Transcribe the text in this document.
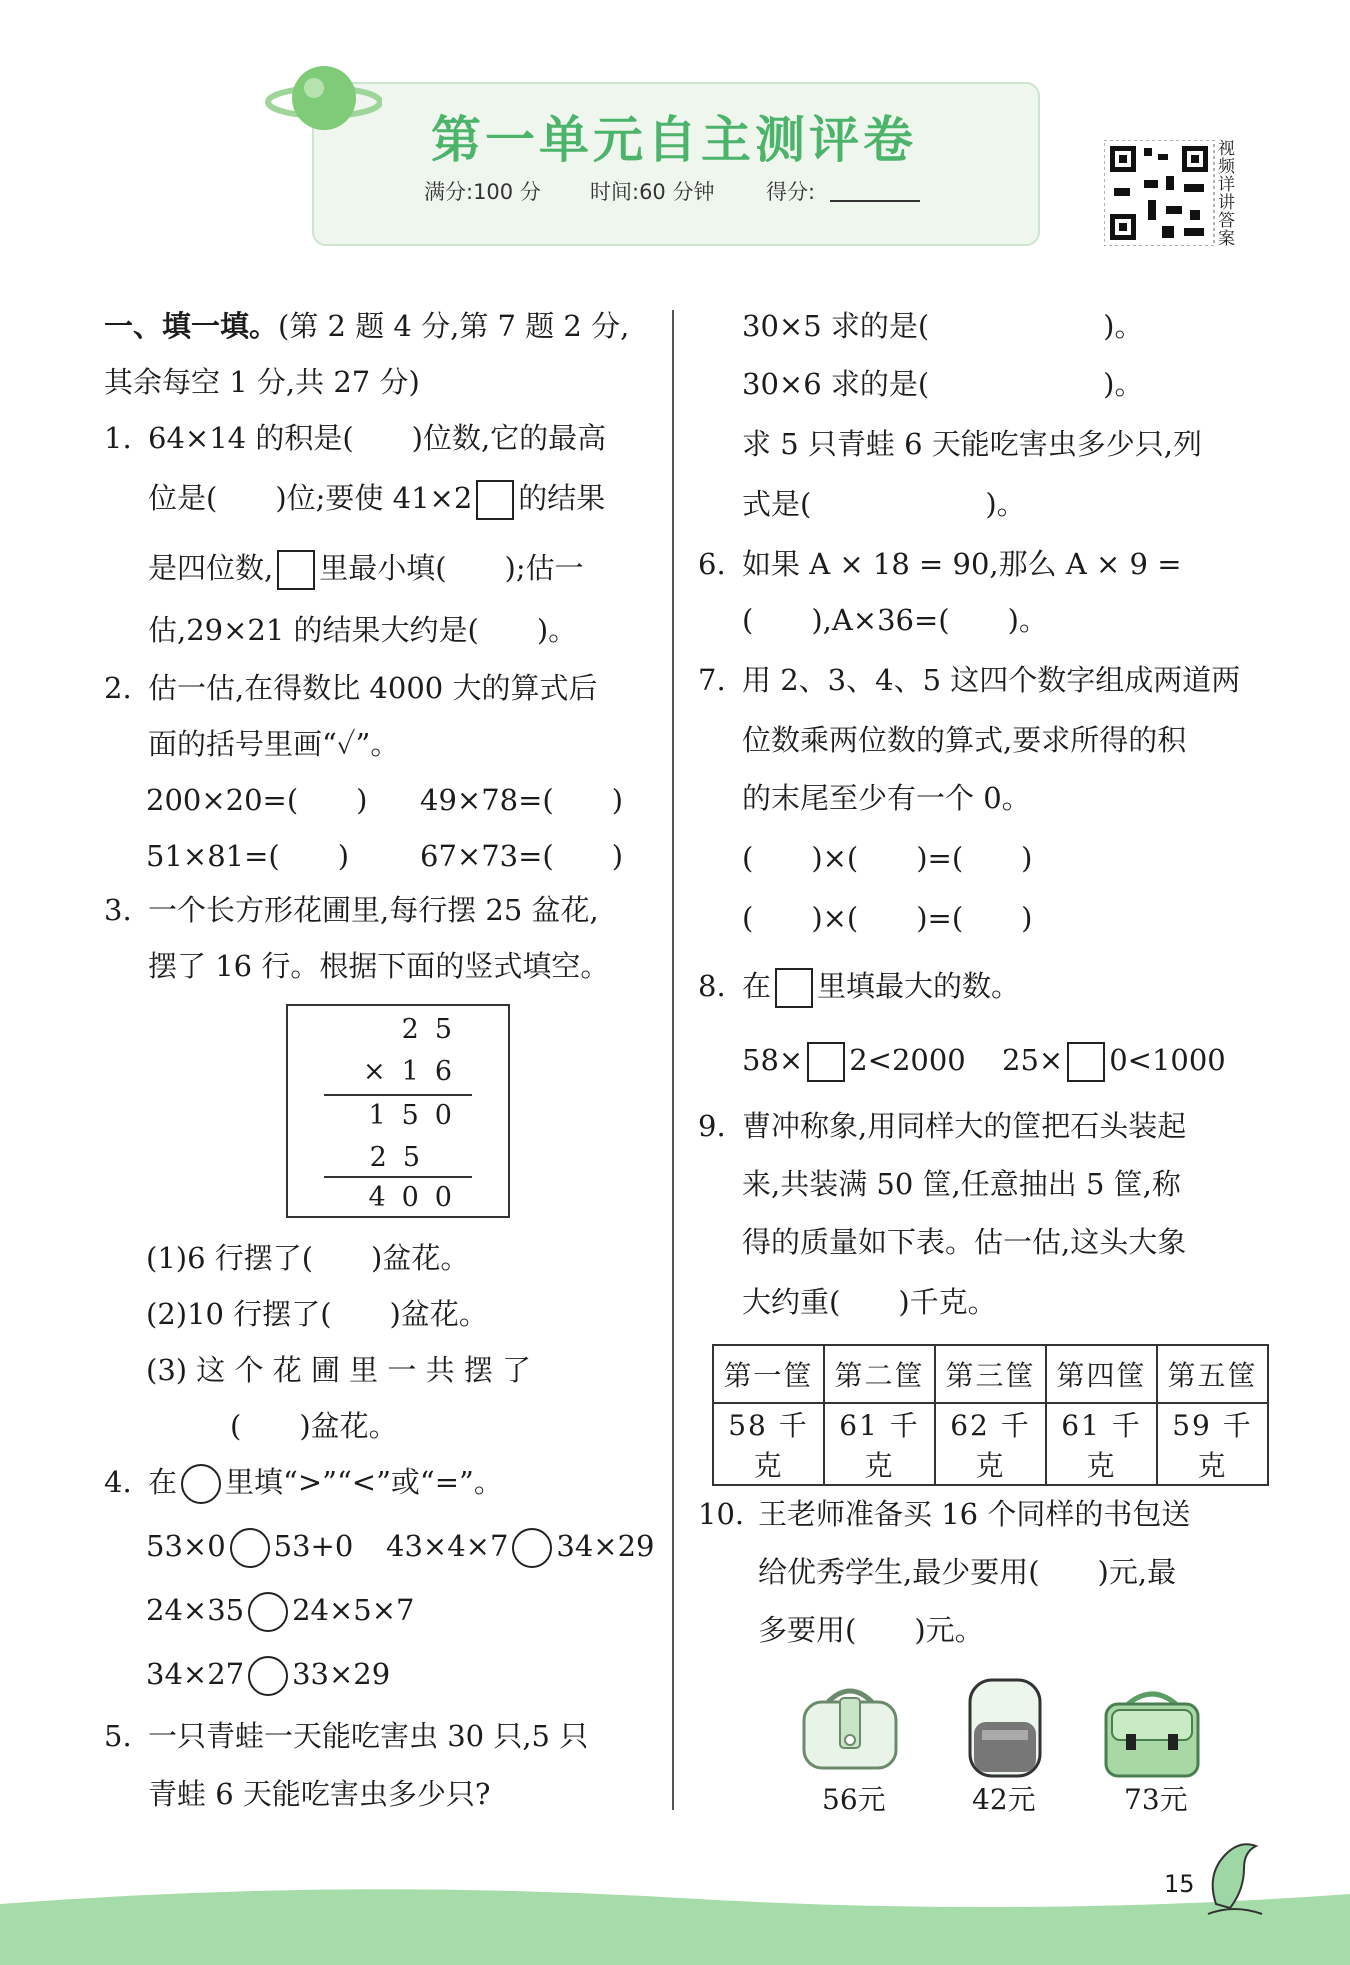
第一单元自主测评卷
满分:100 分 时间:60 分钟 得分:
视频详讲答案
一、填一填。(第 2 题 4 分,第 7 题 2 分,
其余每空 1 分,共 27 分)
1. 64×14 的积是(　　)位数,它的最高
位是(　　)位;要使 41×2 的结果
是四位数, 里最小填(　　);估一
估,29×21 的结果大约是(　　)。
2. 估一估,在得数比 4000 大的算式后
面的括号里画“✓”。
200×20=(　　) 49×78=(　　)
51×81=(　　) 67×73=(　　)
3. 一个长方形花圃里,每行摆 25 盆花,
摆了 16 行。根据下面的竖式填空。
25
×16
150
25
400
(1)6 行摆了(　　)盆花。
(2)10 行摆了(　　)盆花。
(3) 这 个 花 圃 里 一 共 摆 了
(　　)盆花。
4. 在 里填“>”“<”或“=”。
53×0 53+0 43×4×7 34×29
24×35 24×5×7
34×27 33×29
5. 一只青蛙一天能吃害虫 30 只,5 只
青蛙 6 天能吃害虫多少只?
30×5 求的是(　　　　　　)。
30×6 求的是(　　　　　　)。
求 5 只青蛙 6 天能吃害虫多少只,列
式是(　　　　　　)。
6. 如果 A × 18 = 90,那么 A × 9 =
(　　),A×36=(　　)。
7. 用 2、3、4、5 这四个数字组成两道两
位数乘两位数的算式,要求所得的积
的末尾至少有一个 0。
(　　)×(　　)=(　　)
(　　)×(　　)=(　　)
8. 在 里填最大的数。
58× 2<2000 25× 0<1000
9. 曹冲称象,用同样大的筐把石头装起
来,共装满 50 筐,任意抽出 5 筐,称
得的质量如下表。估一估,这头大象
大约重(　　)千克。
第一筐	第二筐	第三筐	第四筐	第五筐
58 千克	61 千克	62 千克	61 千克	59 千克
10. 王老师准备买 16 个同样的书包送
给优秀学生,最少要用(　　)元,最
多要用(　　)元。
56元	42元	73元
15
